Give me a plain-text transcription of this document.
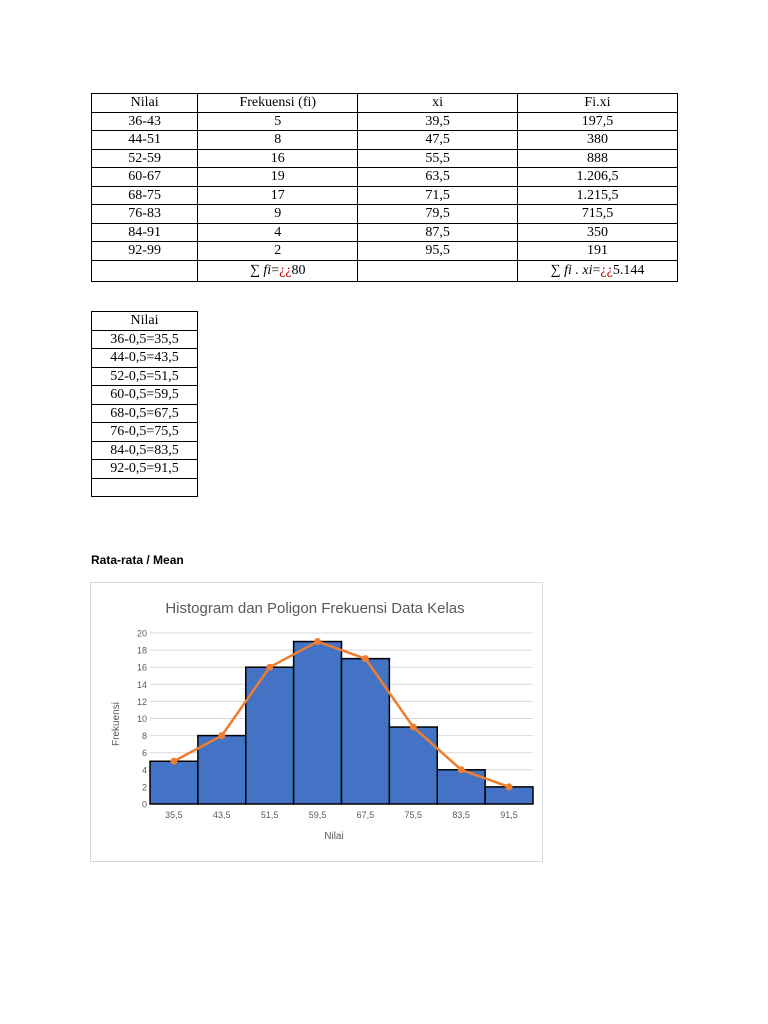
Nilai	Frekuensi (fi)	xi	Fi.xi
36-43	5	39,5	197,5
44-51	8	47,5	380
52-59	16	55,5	888
60-67	19	63,5	1.206,5
68-75	17	71,5	1.215,5
76-83	9	79,5	715,5
84-91	4	87,5	350
92-99	2	95,5	191
	∑ fi=¿¿80		∑ fi . xi=¿¿5.144
Nilai
36-0,5=35,5
44-0,5=43,5
52-0,5=51,5
60-0,5=59,5
68-0,5=67,5
76-0,5=75,5
84-0,5=83,5
92-0,5=91,5

Rata-rata / Mean
Histogram dan Poligon Frekuensi Data Kelas
Frekuensi
Nilai
0
2
4
6
8
10
12
14
16
18
20
35,5	43,5	51,5	59,5	67,5	75,5	83,5	91,5
